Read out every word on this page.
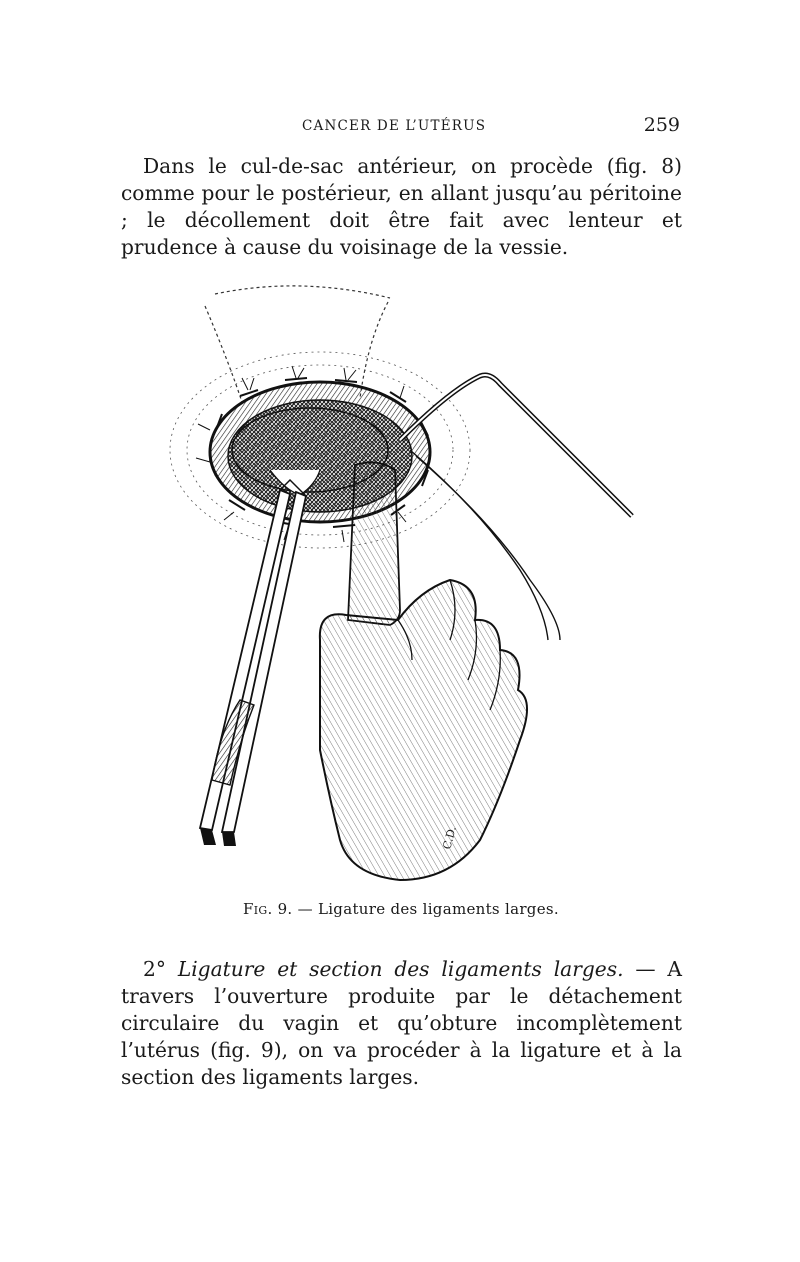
CANCER DE L’UTÉRUS	259

Dans le cul-de-sac antérieur, on procède (fig. 8) comme pour le postérieur, en allant jusqu’au péritoine ; le décollement doit être fait avec lenteur et prudence à cause du voisinage de la vessie.

C.D.
Fig. 9. — Ligature des ligaments larges.

2° Ligature et section des ligaments larges. — A travers l’ouverture produite par le détachement circulaire du vagin et qu’obture incomplètement l’utérus (fig. 9), on va procéder à la ligature et à la section des ligaments larges.
